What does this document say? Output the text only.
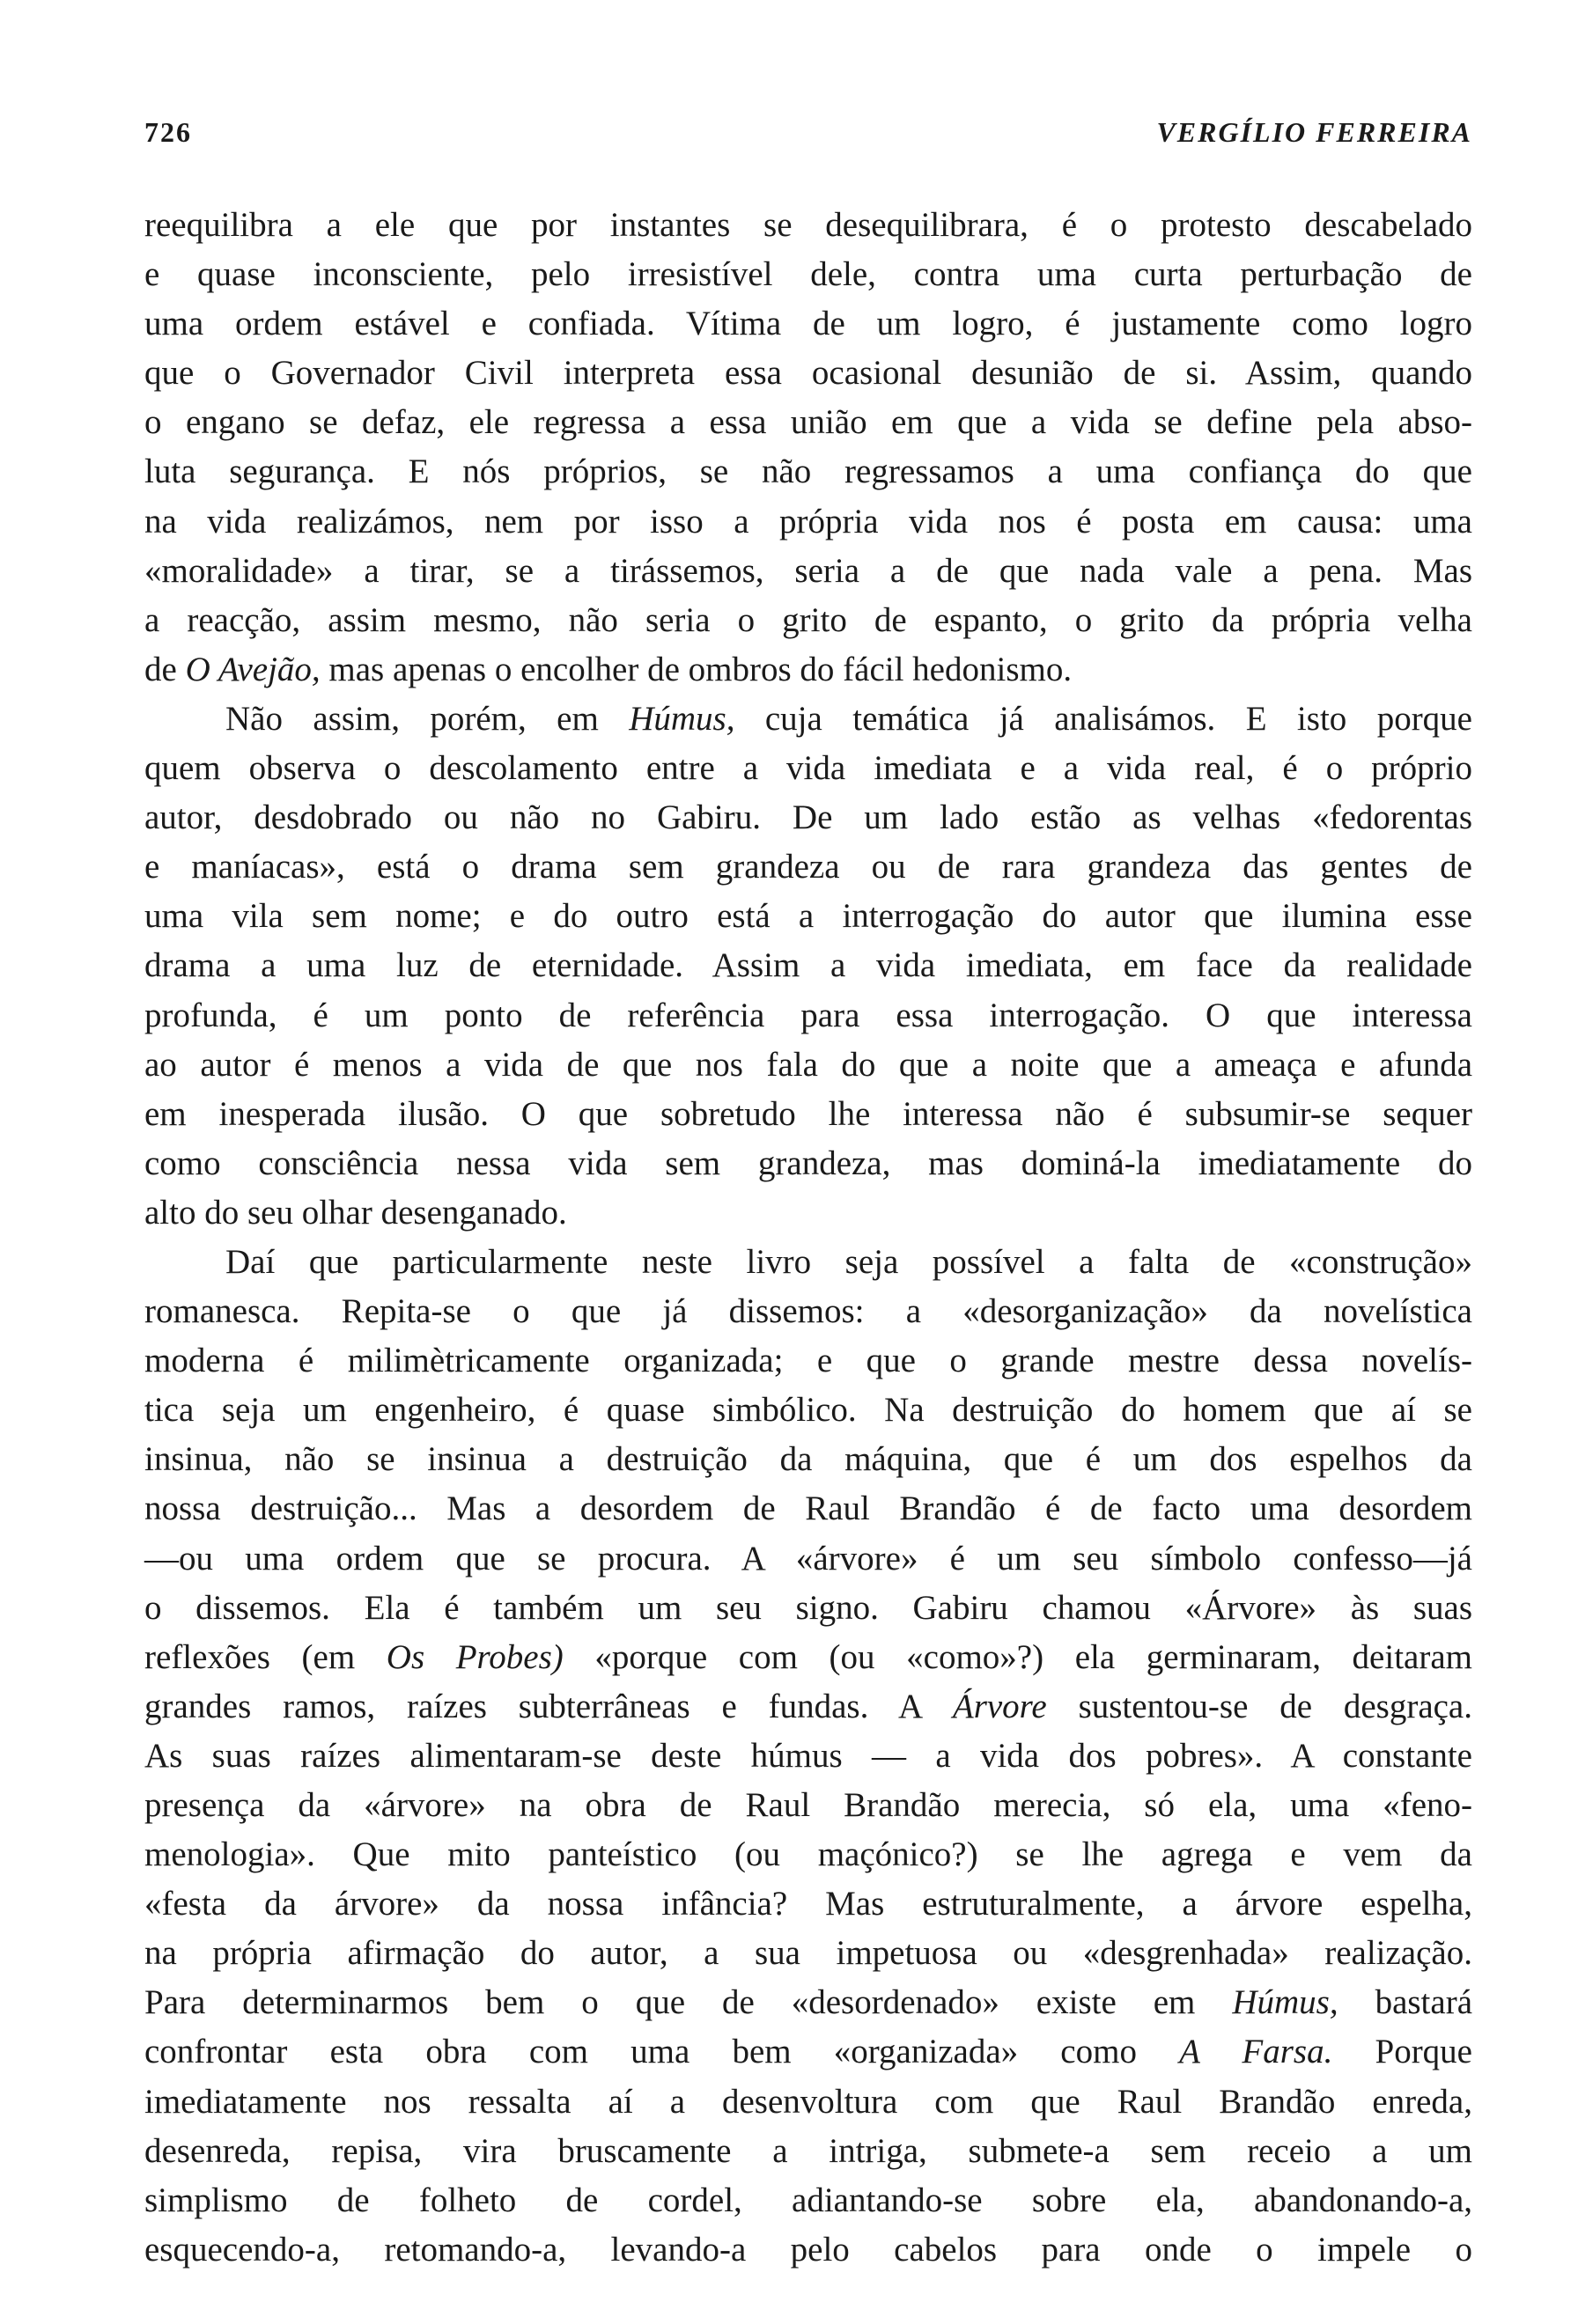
726	VERGÍLIO FERREIRA
reequilibra a ele que por instantes se desequilibrara, é o protesto descabelado
e quase inconsciente, pelo irresistível dele, contra uma curta perturbação de
uma ordem estável e confiada. Vítima de um logro, é justamente como logro
que o Governador Civil interpreta essa ocasional desunião de si. Assim, quando
o engano se defaz, ele regressa a essa união em que a vida se define pela abso-
luta segurança. E nós próprios, se não regressamos a uma confiança do que
na vida realizámos, nem por isso a própria vida nos é posta em causa: uma
«moralidade» a tirar, se a tirássemos, seria a de que nada vale a pena. Mas
a reacção, assim mesmo, não seria o grito de espanto, o grito da própria velha
de O Avejão, mas apenas o encolher de ombros do fácil hedonismo.
Não assim, porém, em Húmus, cuja temática já analisámos. E isto porque
quem observa o descolamento entre a vida imediata e a vida real, é o próprio
autor, desdobrado ou não no Gabiru. De um lado estão as velhas «fedorentas
e maníacas», está o drama sem grandeza ou de rara grandeza das gentes de
uma vila sem nome; e do outro está a interrogação do autor que ilumina esse
drama a uma luz de eternidade. Assim a vida imediata, em face da realidade
profunda, é um ponto de referência para essa interrogação. O que interessa
ao autor é menos a vida de que nos fala do que a noite que a ameaça e afunda
em inesperada ilusão. O que sobretudo lhe interessa não é subsumir-se sequer
como consciência nessa vida sem grandeza, mas dominá-la imediatamente do
alto do seu olhar desenganado.
Daí que particularmente neste livro seja possível a falta de «construção»
romanesca. Repita-se o que já dissemos: a «desorganização» da novelística
moderna é milimètricamente organizada; e que o grande mestre dessa novelís-
tica seja um engenheiro, é quase simbólico. Na destruição do homem que aí se
insinua, não se insinua a destruição da máquina, que é um dos espelhos da
nossa destruição... Mas a desordem de Raul Brandão é de facto uma desordem
—ou uma ordem que se procura. A «árvore» é um seu símbolo confesso—já
o dissemos. Ela é também um seu signo. Gabiru chamou «Árvore» às suas
reflexões (em Os Probes) «porque com (ou «como»?) ela germinaram, deitaram
grandes ramos, raízes subterrâneas e fundas. A Árvore sustentou-se de desgraça.
As suas raízes alimentaram-se deste húmus — a vida dos pobres». A constante
presença da «árvore» na obra de Raul Brandão merecia, só ela, uma «feno-
menologia». Que mito panteístico (ou maçónico?) se lhe agrega e vem da
«festa da árvore» da nossa infância? Mas estruturalmente, a árvore espelha,
na própria afirmação do autor, a sua impetuosa ou «desgrenhada» realização.
Para determinarmos bem o que de «desordenado» existe em Húmus, bastará
confrontar esta obra com uma bem «organizada» como A Farsa. Porque
imediatamente nos ressalta aí a desenvoltura com que Raul Brandão enreda,
desenreda, repisa, vira bruscamente a intriga, submete-a sem receio a um
simplismo de folheto de cordel, adiantando-se sobre ela, abandonando-a,
esquecendo-a, retomando-a, levando-a pelo cabelos para onde o impele o
